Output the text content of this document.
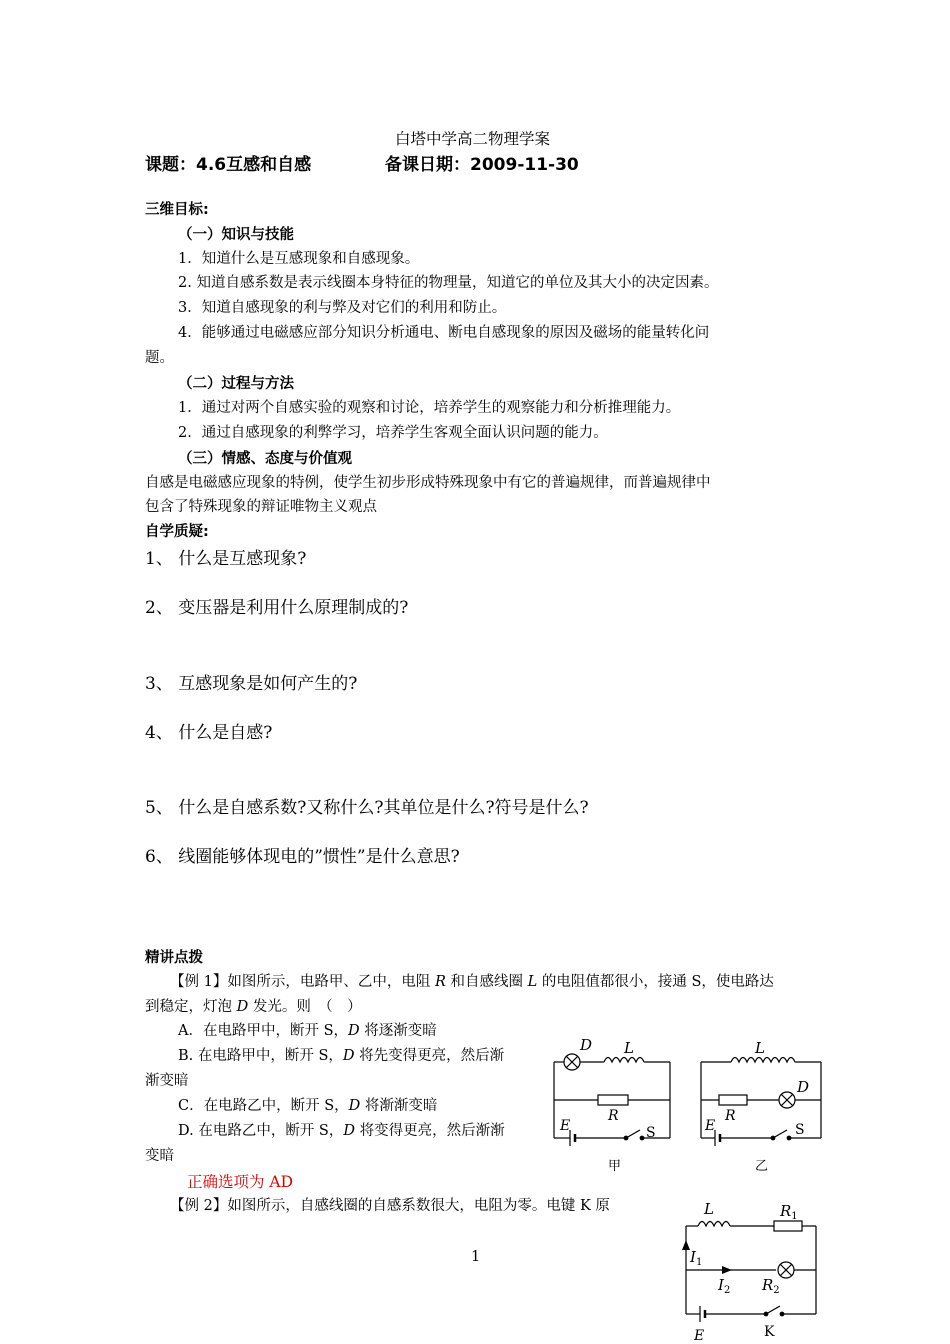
白塔中学高二物理学案
课题：4.6互感和自感	备课日期：2009-11-30
三维目标:
（一）知识与技能
1．知道什么是互感现象和自感现象。
2. 知道自感系数是表示线圈本身特征的物理量，知道它的单位及其大小的决定因素。
3．知道自感现象的利与弊及对它们的利用和防止。
4．能够通过电磁感应部分知识分析通电、断电自感现象的原因及磁场的能量转化问
题。
（二）过程与方法
1．通过对两个自感实验的观察和讨论，培养学生的观察能力和分析推理能力。
2．通过自感现象的利弊学习，培养学生客观全面认识问题的能力。
（三）情感、态度与价值观
自感是电磁感应现象的特例，使学生初步形成特殊现象中有它的普遍规律，而普遍规律中
包含了特殊现象的辩证唯物主义观点
自学质疑:
1、 什么是互感现象?
2、 变压器是利用什么原理制成的?
3、 互感现象是如何产生的?
4、 什么是自感?
5、 什么是自感系数?又称什么?其单位是什么?符号是什么?
6、 线圈能够体现电的”惯性”是什么意思?
精讲点拨
【例 1】如图所示，电路甲、乙中，电阻 R 和自感线圈 L 的电阻值都很小，接通 S，使电路达
到稳定，灯泡 D 发光。则　（　）
A．在电路甲中，断开 S，D 将逐渐变暗
B. 在电路甲中，断开 S，D 将先变得更亮，然后渐
渐变暗
C．在电路乙中，断开 S，D 将渐渐变暗
D. 在电路乙中，断开 S，D 将变得更亮，然后渐渐
变暗
正确选项为 AD
【例 2】如图所示，自感线圈的自感系数很大，电阻为零。电键 K 原
D L
R
E	S
甲
L
R
D
E	S
乙
L	$R_1$
$I_1$
$I_2$ $R_2$
E	K
1
